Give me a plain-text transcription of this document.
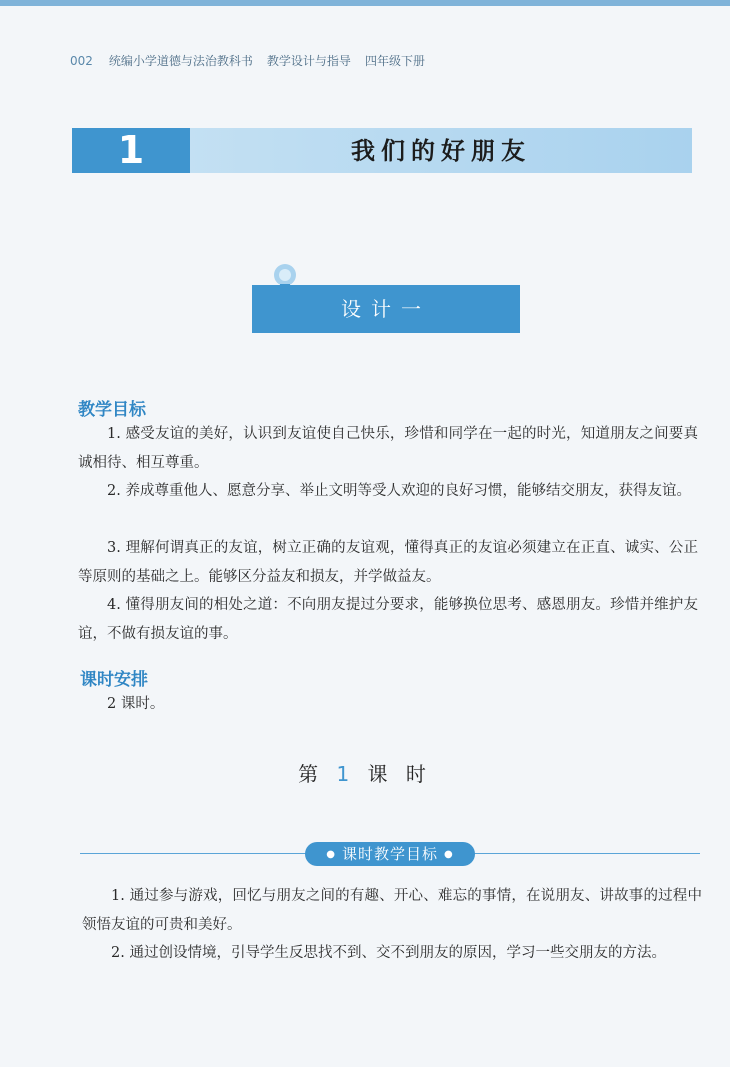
002 统编小学道德与法治教科书 教学设计与指导 四年级下册
1	我们的好朋友
设计一
教学目标

1. 感受友谊的美好，认识到友谊使自己快乐，珍惜和同学在一起的时光，知道朋友之间要真诚相待、相互尊重。

2. 养成尊重他人、愿意分享、举止文明等受人欢迎的良好习惯，能够结交朋友，获得友谊。

3. 理解何谓真正的友谊，树立正确的友谊观，懂得真正的友谊必须建立在正直、诚实、公正等原则的基础之上。能够区分益友和损友，并学做益友。

4. 懂得朋友间的相处之道：不向朋友提过分要求，能够换位思考、感恩朋友。珍惜并维护友谊，不做有损友谊的事。

课时安排

2 课时。

第 1 课 时
● 课时教学目标 ●

1. 通过参与游戏，回忆与朋友之间的有趣、开心、难忘的事情，在说朋友、讲故事的过程中领悟友谊的可贵和美好。

2. 通过创设情境，引导学生反思找不到、交不到朋友的原因，学习一些交朋友的方法。
